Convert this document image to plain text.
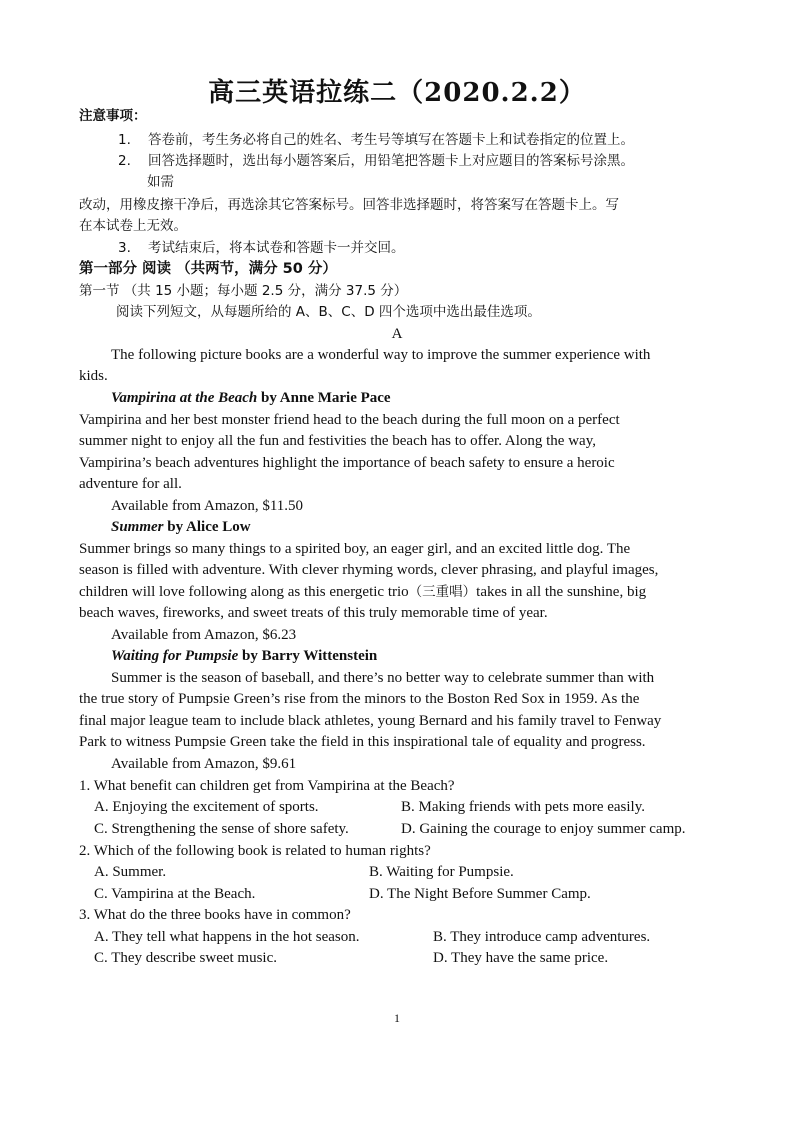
高三英语拉练二（2020.2.2）
注意事项：
1.    答卷前，考生务必将自己的姓名、考生号等填写在答题卡上和试卷指定的位置上。
2.    回答选择题时，选出每小题答案后，用铅笔把答题卡上对应题目的答案标号涂黑。
如需
改动，用橡皮擦干净后，再选涂其它答案标号。回答非选择题时，将答案写在答题卡上。写
在本试卷上无效。
3.    考试结束后，将本试卷和答题卡一并交回。
第一部分 阅读 （共两节，满分 50 分）
第一节 （共 15 小题；每小题 2.5 分，满分 37.5 分）
阅读下列短文，从每题所给的 A、B、C、D 四个选项中选出最佳选项。
A
The following picture books are a wonderful way to improve the summer experience with
kids.
Vampirina at the Beach by Anne Marie Pace
Vampirina and her best monster friend head to the beach during the full moon on a perfect
summer night to enjoy all the fun and festivities the beach has to offer. Along the way,
Vampirina’s beach adventures highlight the importance of beach safety to ensure a heroic
adventure for all.
Available from Amazon, $11.50
Summer by Alice Low
Summer brings so many things to a spirited boy, an eager girl, and an excited little dog. The
season is filled with adventure. With clever rhyming words, clever phrasing, and playful images,
children will love following along as this energetic trio（三重唱）takes in all the sunshine, big
beach waves, fireworks, and sweet treats of this truly memorable time of year.
Available from Amazon, $6.23
Waiting for Pumpsie by Barry Wittenstein
Summer is the season of baseball, and there’s no better way to celebrate summer than with
the true story of Pumpsie Green’s rise from the minors to the Boston Red Sox in 1959. As the
final major league team to include black athletes, young Bernard and his family travel to Fenway
Park to witness Pumpsie Green take the field in this inspirational tale of equality and progress.
Available from Amazon, $9.61
1. What benefit can children get from Vampirina at the Beach?
A. Enjoying the excitement of sports.	B. Making friends with pets more easily.
C. Strengthening the sense of shore safety.	D. Gaining the courage to enjoy summer camp.
2. Which of the following book is related to human rights?
A. Summer.	B. Waiting for Pumpsie.
C. Vampirina at the Beach.	D. The Night Before Summer Camp.
3. What do the three books have in common?
A. They tell what happens in the hot season.	B. They introduce camp adventures.
C. They describe sweet music.	D. They have the same price.
1
